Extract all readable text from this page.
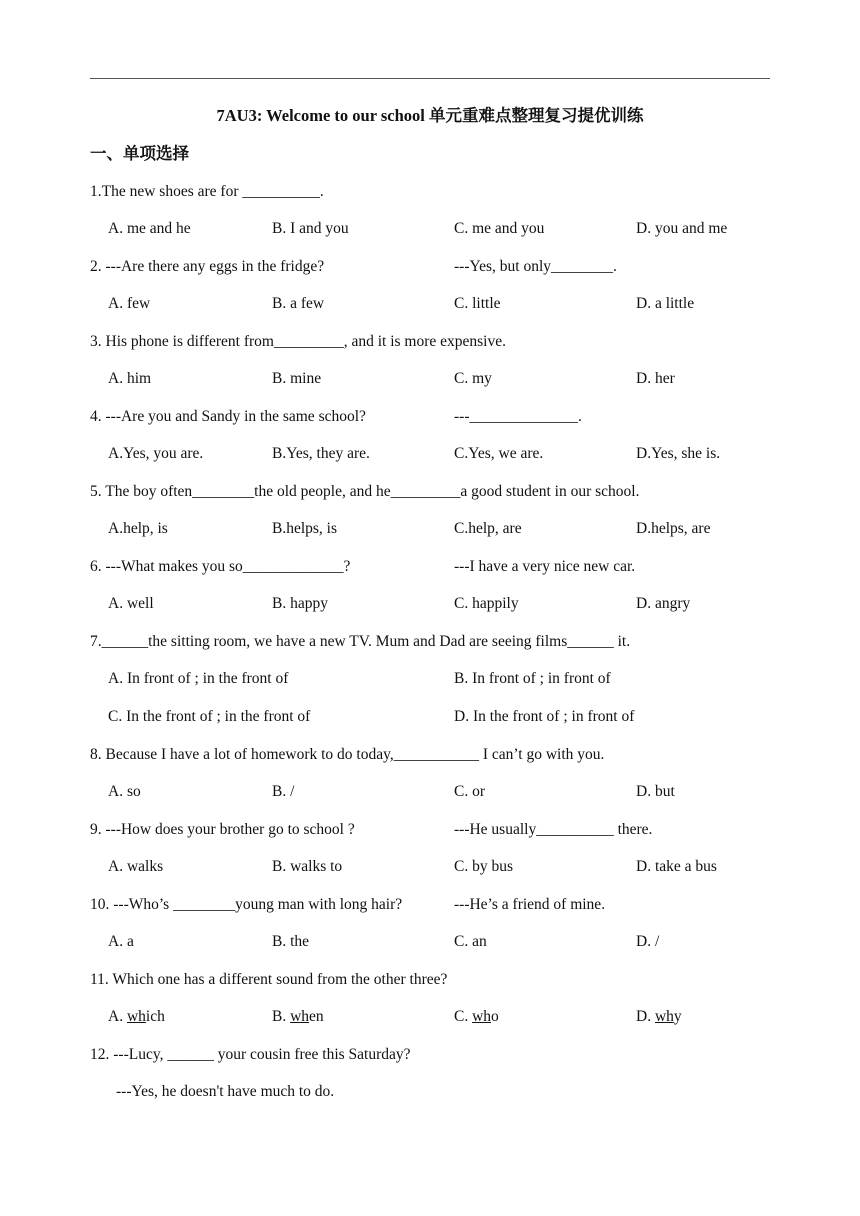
7AU3: Welcome to our school 单元重难点整理复习提优训练
一、单项选择
1.The new shoes are for __________.
A. me and he	B. I and you	C. me and you	D. you and me
2. ---Are there any eggs in the fridge?	---Yes, but only________.
A. few	B. a few	C. little	D. a little
3. His phone is different from_________, and it is more expensive.
A. him	B. mine	C. my	D. her
4. ---Are you and Sandy in the same school?	---______________.
A.Yes, you are.	B.Yes, they are.	C.Yes, we are.	D.Yes, she is.
5. The boy often________the old people, and he_________a good student in our school.
A.help, is	B.helps, is	C.help, are	D.helps, are
6. ---What makes you so_____________?	---I have a very nice new car.
A. well	B. happy	C. happily	D. angry
7.______the sitting room, we have a new TV. Mum and Dad are seeing films______ it.
A. In front of ; in the front of	B. In front of ; in front of
C. In the front of ; in the front of	D. In the front of ; in front of
8. Because I have a lot of homework to do today,___________ I can’t go with you.
A. so	B. /	C. or	D. but
9. ---How does your brother go to school ?	---He usually__________ there.
A. walks	B. walks to	C. by bus	D. take a bus
10. ---Who’s ________young man with long hair?	---He’s a friend of mine.
A. a	B. the	C. an	D. /
11. Which one has a different sound from the other three?
A. which	B. when	C. who	D. why
12. ---Lucy, ______ your cousin free this Saturday?
---Yes, he doesn't have much to do.
